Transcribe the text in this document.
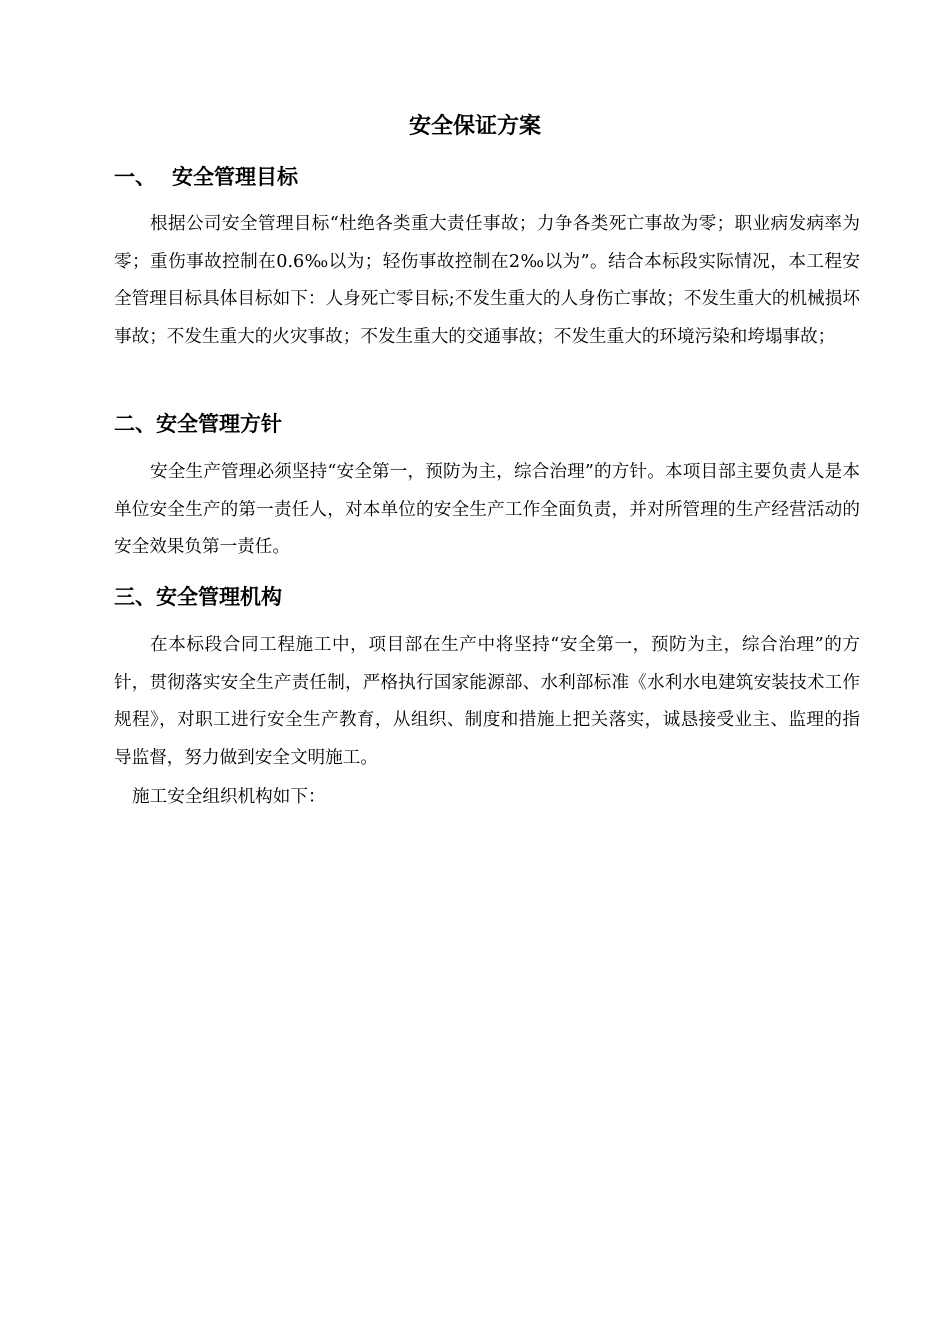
安全保证方案
一、 安全管理目标

根据公司安全管理目标“杜绝各类重大责任事故；力争各类死亡事故为零；职业病发病率为零；重伤事故控制在0.6‰以为；轻伤事故控制在2‰以为”。结合本标段实际情况，本工程安全管理目标具体目标如下：人身死亡零目标;不发生重大的人身伤亡事故；不发生重大的机械损坏事故；不发生重大的火灾事故；不发生重大的交通事故；不发生重大的环境污染和垮塌事故；

二、安全管理方针

安全生产管理必须坚持“安全第一，预防为主，综合治理”的方针。本项目部主要负责人是本单位安全生产的第一责任人，对本单位的安全生产工作全面负责，并对所管理的生产经营活动的安全效果负第一责任。

三、安全管理机构

在本标段合同工程施工中，项目部在生产中将坚持“安全第一，预防为主，综合治理”的方针，贯彻落实安全生产责任制，严格执行国家能源部、水利部标准《水利水电建筑安装技术工作规程》，对职工进行安全生产教育，从组织、制度和措施上把关落实，诚恳接受业主、监理的指导监督，努力做到安全文明施工。

施工安全组织机构如下：
